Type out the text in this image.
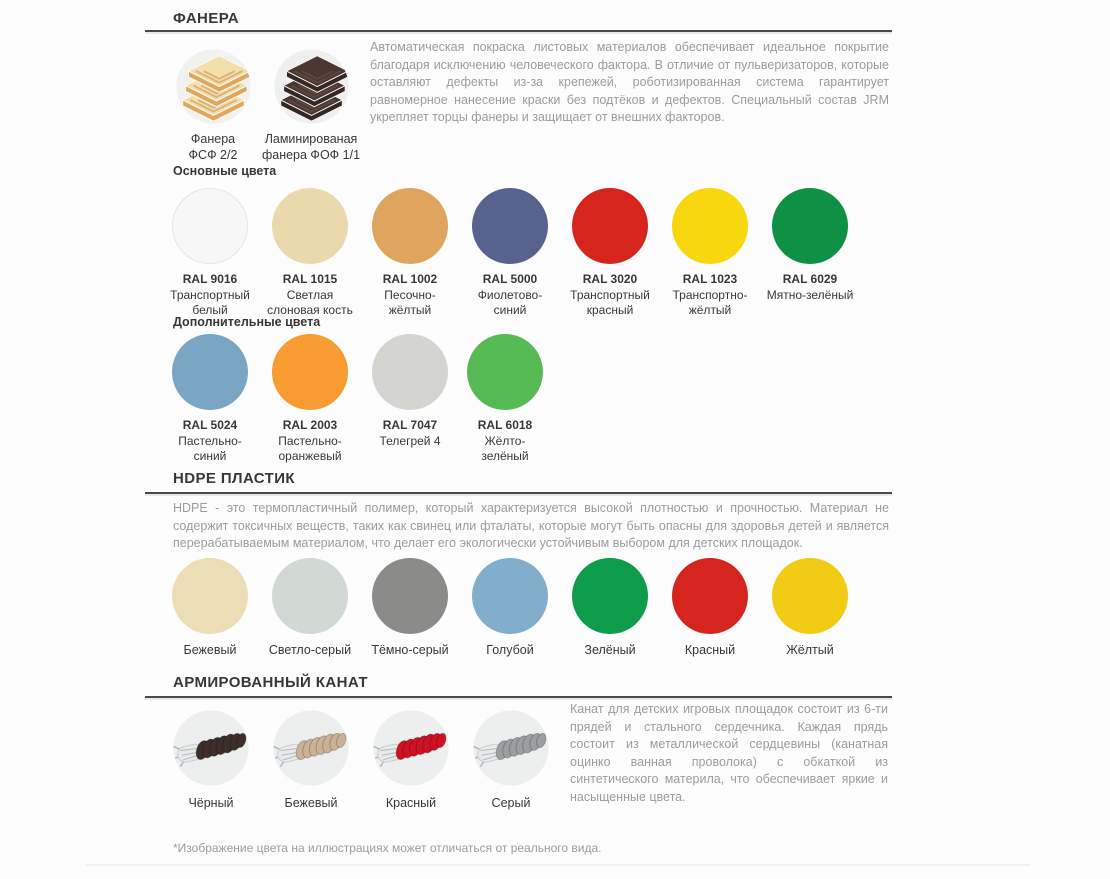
ФАНЕРА
Фанера
ФСФ 2/2
Ламинированая
фанера ФОФ 1/1
Автоматическая покраска листовых материалов обеспечивает идеальное покрытие благодаря исключению человеческого фактора. В отличие от пульверизаторов, которые оставляют дефекты из-за крепежей, роботизированная система гарантирует равномерное нанесение краски без подтёков и дефектов. Специальный состав JRM укрепляет торцы фанеры и защищает от внешних факторов.
Основные цвета
RAL 9016
Транспортный
белый
RAL 1015
Светлая
слоновая кость
RAL 1002
Песочно-
жёлтый
RAL 5000
Фиолетово-
синий
RAL 3020
Транспортный
красный
RAL 1023
Транспортно-
жёлтый
RAL 6029
Мятно-зелёный
Дополнительные цвета
RAL 5024
Пастельно-
синий
RAL 2003
Пастельно-
оранжевый
RAL 7047
Телегрей 4
RAL 6018
Жёлто-
зелёный
HDPE ПЛАСТИК
HDPE - это термопластичный полимер, который характеризуется высокой плотностью и прочностью. Материал не содержит токсичных веществ, таких как свинец или фталаты, которые могут быть опасны для здоровья детей и является перерабатываемым материалом, что делает его экологически устойчивым выбором для детских площадок.
Бежевый	Светло-серый	Тёмно-серый	Голубой	Зелёный	Красный	Жёлтый
АРМИРОВАННЫЙ КАНАТ
Чёрный	Бежевый	Красный	Серый
Канат для детских игровых площадок состоит из 6-ти прядей и стального сердечника. Каждая прядь состоит из металлической сердцевины (канатная оцинко ванная проволока) с обкаткой из синтетического материла, что обеспечивает яркие и насыщенные цвета.
*Изображение цвета на иллюстрациях может отличаться от реального вида.
